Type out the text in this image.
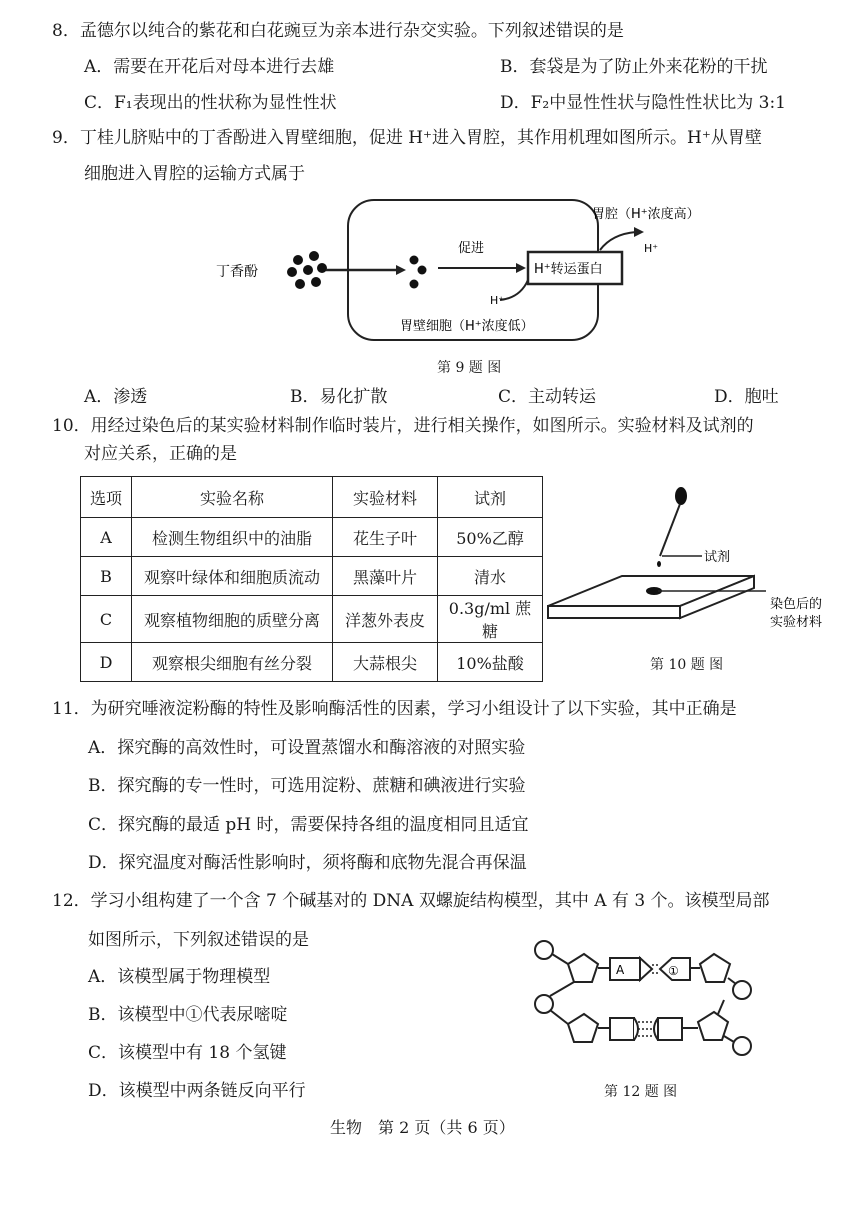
8．孟德尔以纯合的紫花和白花豌豆为亲本进行杂交实验。下列叙述错误的是
A．需要在开花后对母本进行去雄	B．套袋是为了防止外来花粉的干扰
C．F₁表现出的性状称为显性性状	D．F₂中显性性状与隐性性状比为 3:1
9．丁桂儿脐贴中的丁香酚进入胃壁细胞，促进 H⁺进入胃腔，其作用机理如图所示。H⁺从胃壁
细胞进入胃腔的运输方式属于
丁香酚
促进
H⁺转运蛋白
H⁺
H⁺
胃腔（H⁺浓度高）
胃壁细胞（H⁺浓度低）
第 9 题 图
A．渗透	B．易化扩散	C．主动转运	D．胞吐
10．用经过染色后的某实验材料制作临时装片，进行相关操作，如图所示。实验材料及试剂的
对应关系，正确的是
选项	实验名称	实验材料	试剂
A	检测生物组织中的油脂	花生子叶	50%乙醇
B	观察叶绿体和细胞质流动	黑藻叶片	清水
C	观察植物细胞的质壁分离	洋葱外表皮	0.3g/ml 蔗糖
D	观察根尖细胞有丝分裂	大蒜根尖	10%盐酸
试剂
染色后的
实验材料
第 10 题 图
11．为研究唾液淀粉酶的特性及影响酶活性的因素，学习小组设计了以下实验，其中正确是
A．探究酶的高效性时，可设置蒸馏水和酶溶液的对照实验
B．探究酶的专一性时，可选用淀粉、蔗糖和碘液进行实验
C．探究酶的最适 pH 时，需要保持各组的温度相同且适宜
D．探究温度对酶活性影响时，须将酶和底物先混合再保温
12．学习小组构建了一个含 7 个碱基对的 DNA 双螺旋结构模型，其中 A 有 3 个。该模型局部
如图所示，下列叙述错误的是
A．该模型属于物理模型
B．该模型中①代表尿嘧啶
C．该模型中有 18 个氢键
D．该模型中两条链反向平行
A	①
第 12 题 图
生物　第 2 页（共 6 页）
